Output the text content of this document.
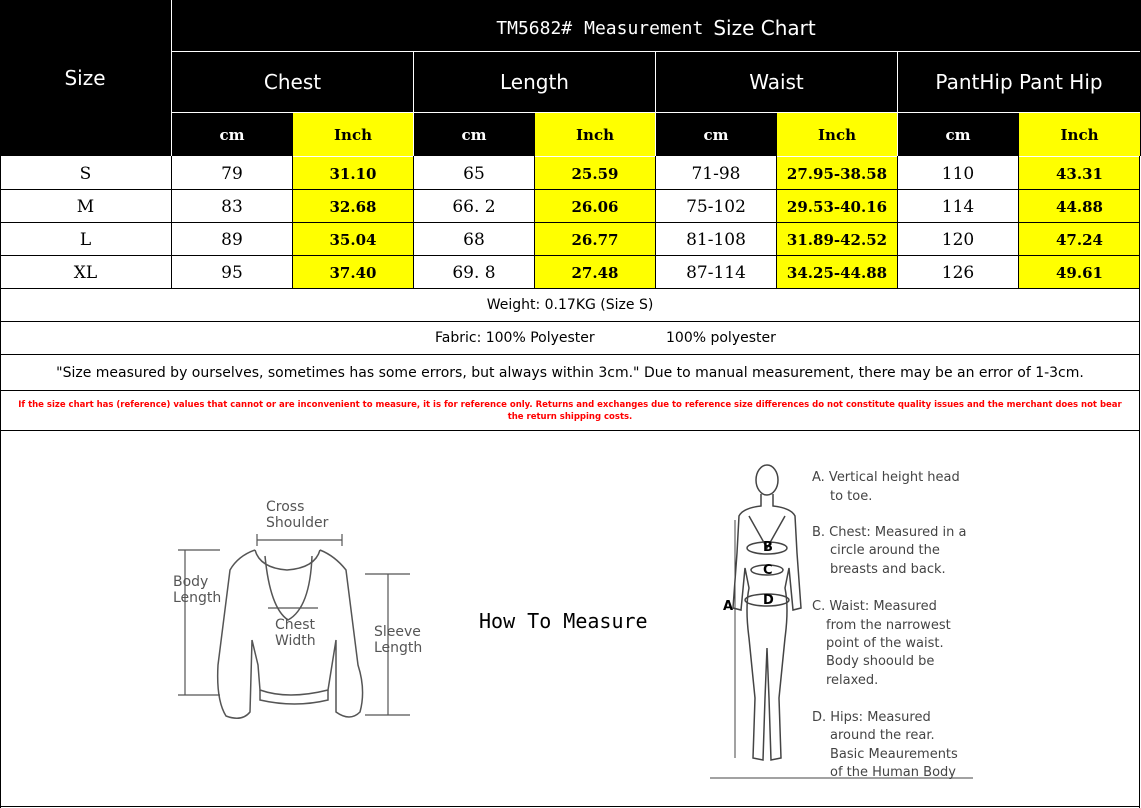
TM5682# Measurement Size Chart
Size	Chest	Length	Waist	PantHip Pant Hip
cm	Inch	cm	Inch	cm	Inch	cm	Inch
S	79	31.10	65	25.59	71-98	27.95-38.58	110	43.31
M	83	32.68	66. 2	26.06	75-102	29.53-40.16	114	44.88
L	89	35.04	68	26.77	81-108	31.89-42.52	120	47.24
XL	95	37.40	69. 8	27.48	87-114	34.25-44.88	126	49.61
Weight: 0.17KG (Size S)
Fabric: 100% Polyester	100% polyester
"Size measured by ourselves, sometimes has some errors, but always within 3cm." Due to manual measurement, there may be an error of 1-3cm.
If the size chart has (reference) values that cannot or are inconvenient to measure, it is for reference only. Returns and exchanges due to reference size differences do not constitute quality issues and the merchant does not bear the return shipping costs.
Cross
Shoulder
Body
Length
Chest
Width
Sleeve
Length
How To Measure
A
B
C
D
A. Vertical height head
to toe.
B. Chest: Measured in a
circle around the
breasts and back.
C. Waist: Measured
from the narrowest
point of the waist.
Body shoould be
relaxed.
D. Hips: Measured
around the rear.
Basic Meaurements
of the Human Body
